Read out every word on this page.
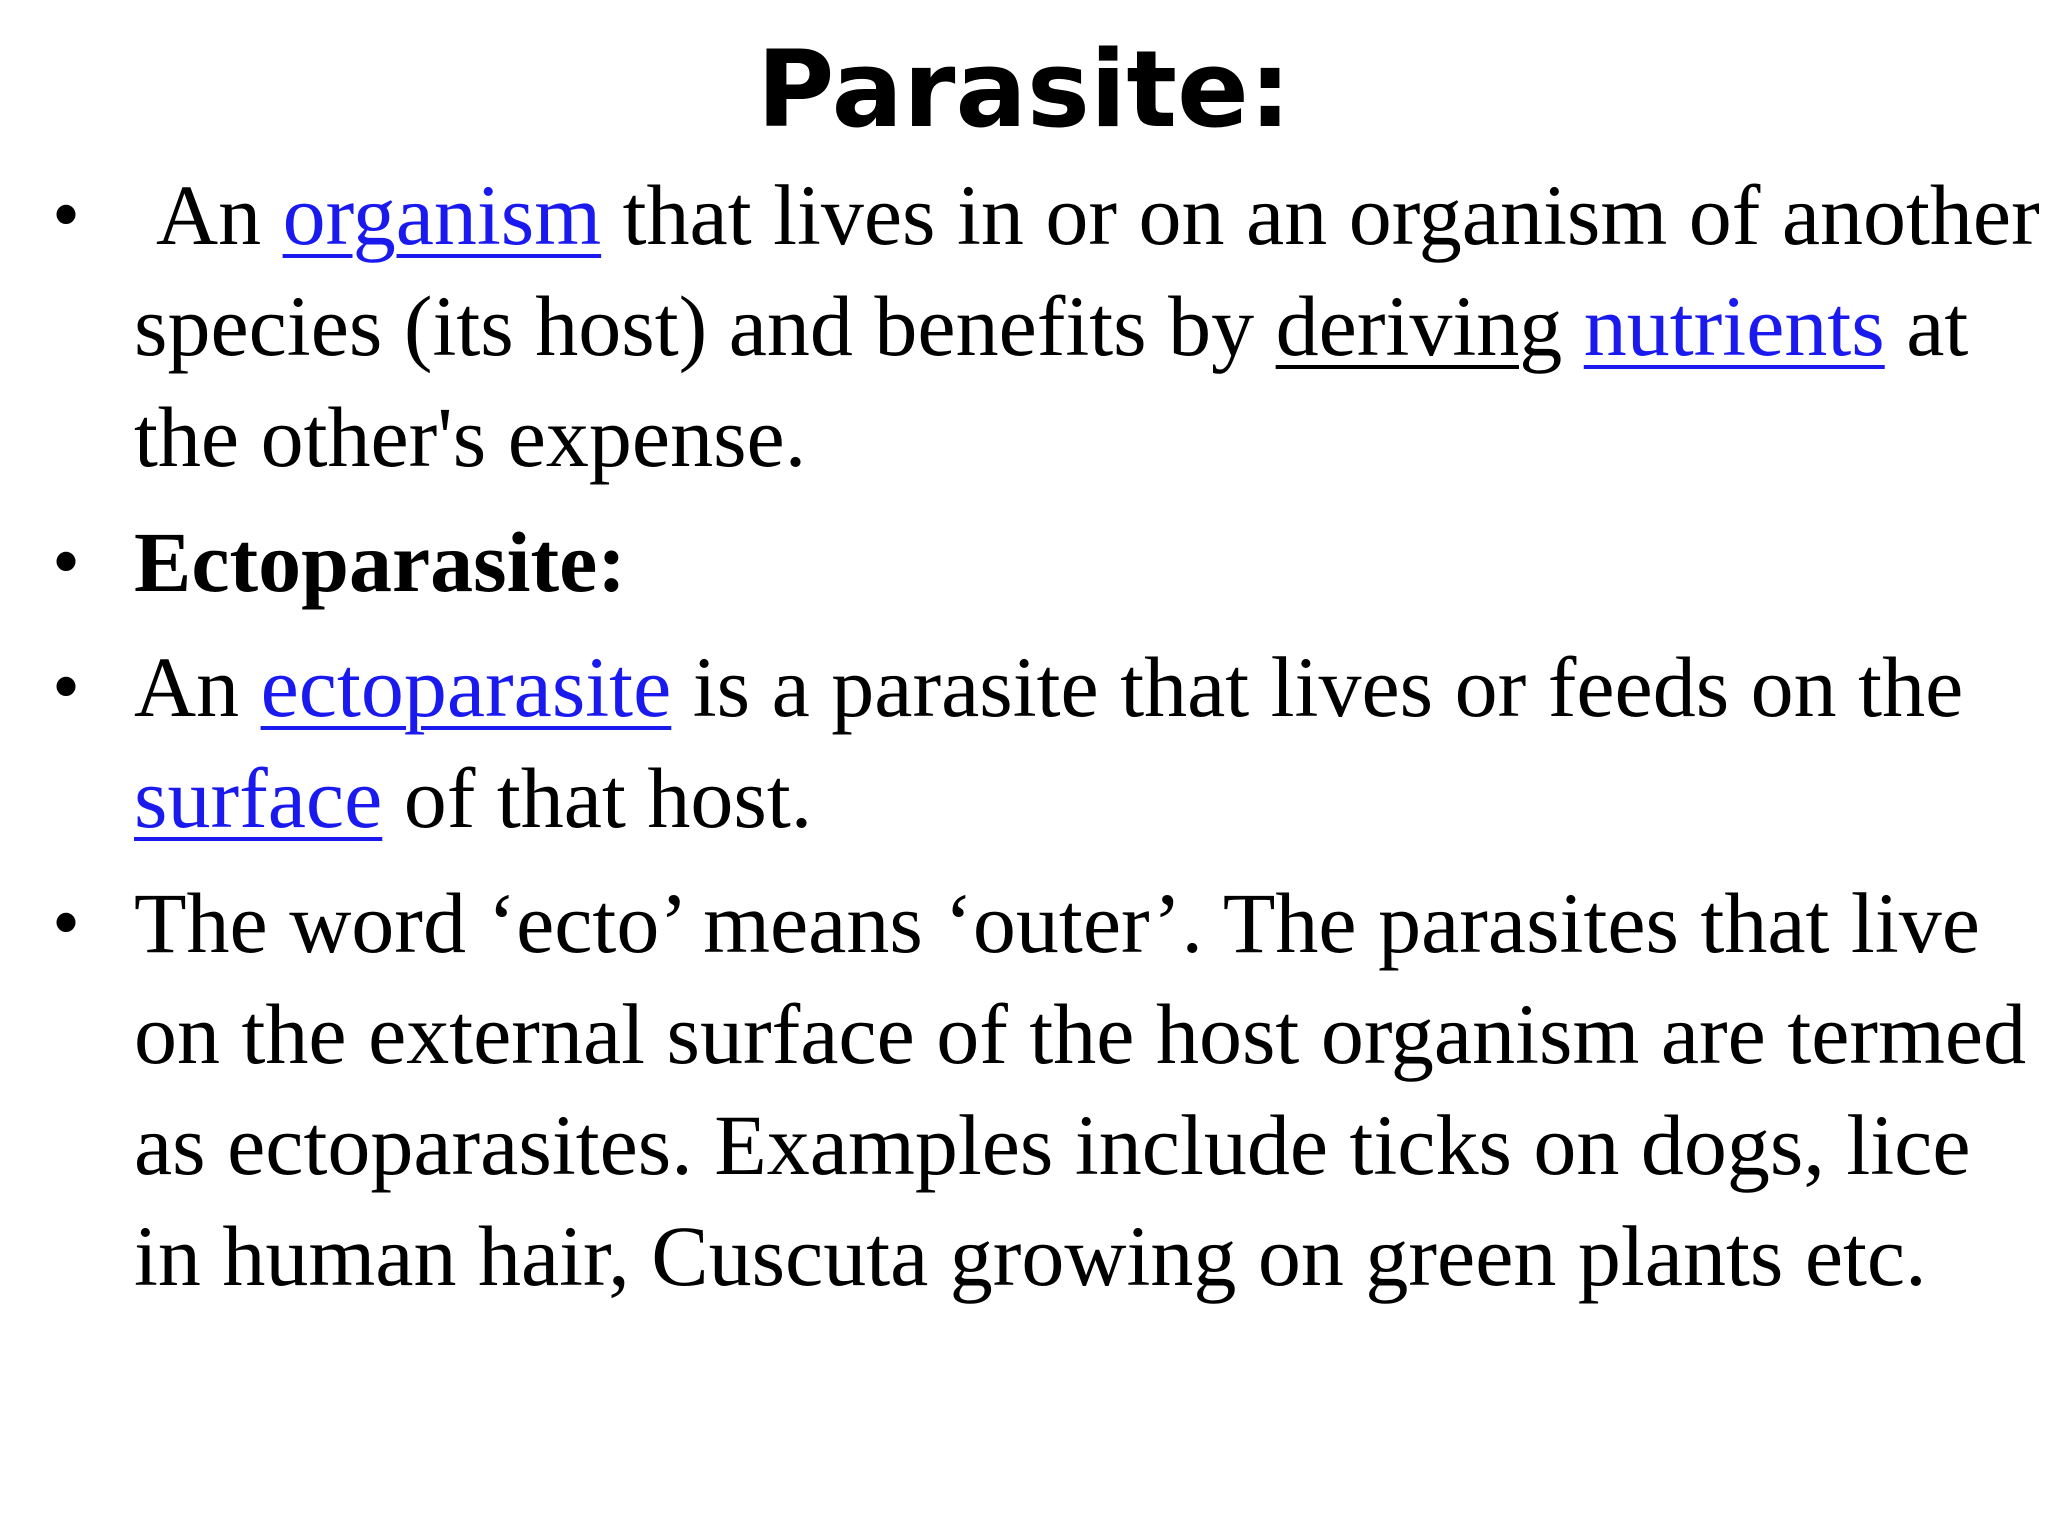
Parasite:
• An organism that lives in or on an organism of another species (its host) and benefits by deriving nutrients at the other's expense.
• Ectoparasite:
• An ectoparasite is a parasite that lives or feeds on the surface of that host.
• The word ‘ecto’ means ‘outer’. The parasites that live on the external surface of the host organism are termed as ectoparasites. Examples include ticks on dogs, lice in human hair, Cuscuta growing on green plants etc.
